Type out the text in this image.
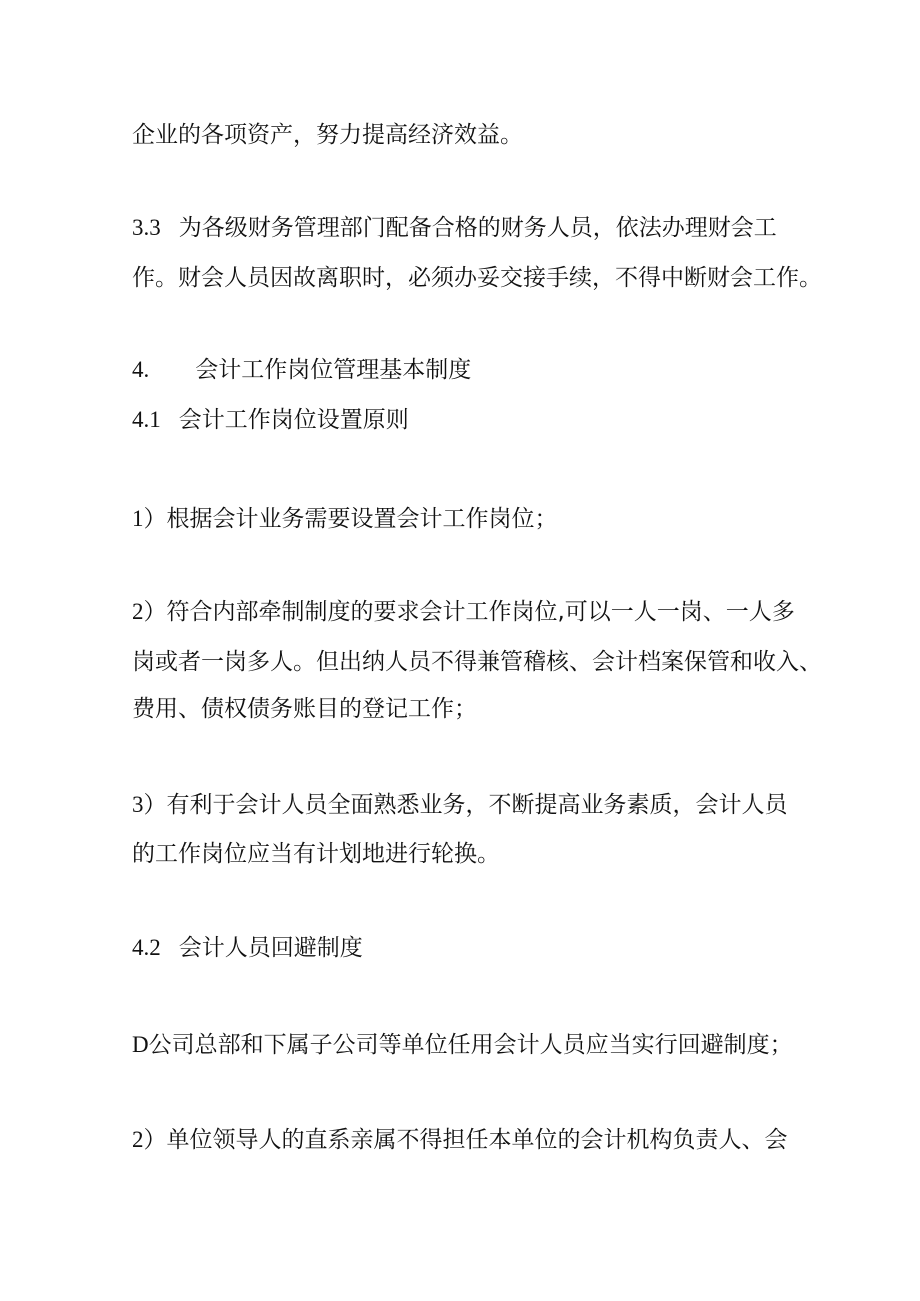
企业的各项资产，努力提高经济效益。
3.3 为各级财务管理部门配备合格的财务人员，依法办理财会工
作。财会人员因故离职时，必须办妥交接手续，不得中断财会工作。
4. 会计工作岗位管理基本制度
4.1 会计工作岗位设置原则
1）根据会计业务需要设置会计工作岗位；
2）符合内部牵制制度的要求会计工作岗位,可以一人一岗、一人多
岗或者一岗多人。但出纳人员不得兼管稽核、会计档案保管和收入、
费用、债权债务账目的登记工作；
3）有利于会计人员全面熟悉业务，不断提高业务素质，会计人员
的工作岗位应当有计划地进行轮换。
4.2 会计人员回避制度
D公司总部和下属子公司等单位任用会计人员应当实行回避制度；
2）单位领导人的直系亲属不得担任本单位的会计机构负责人、会
